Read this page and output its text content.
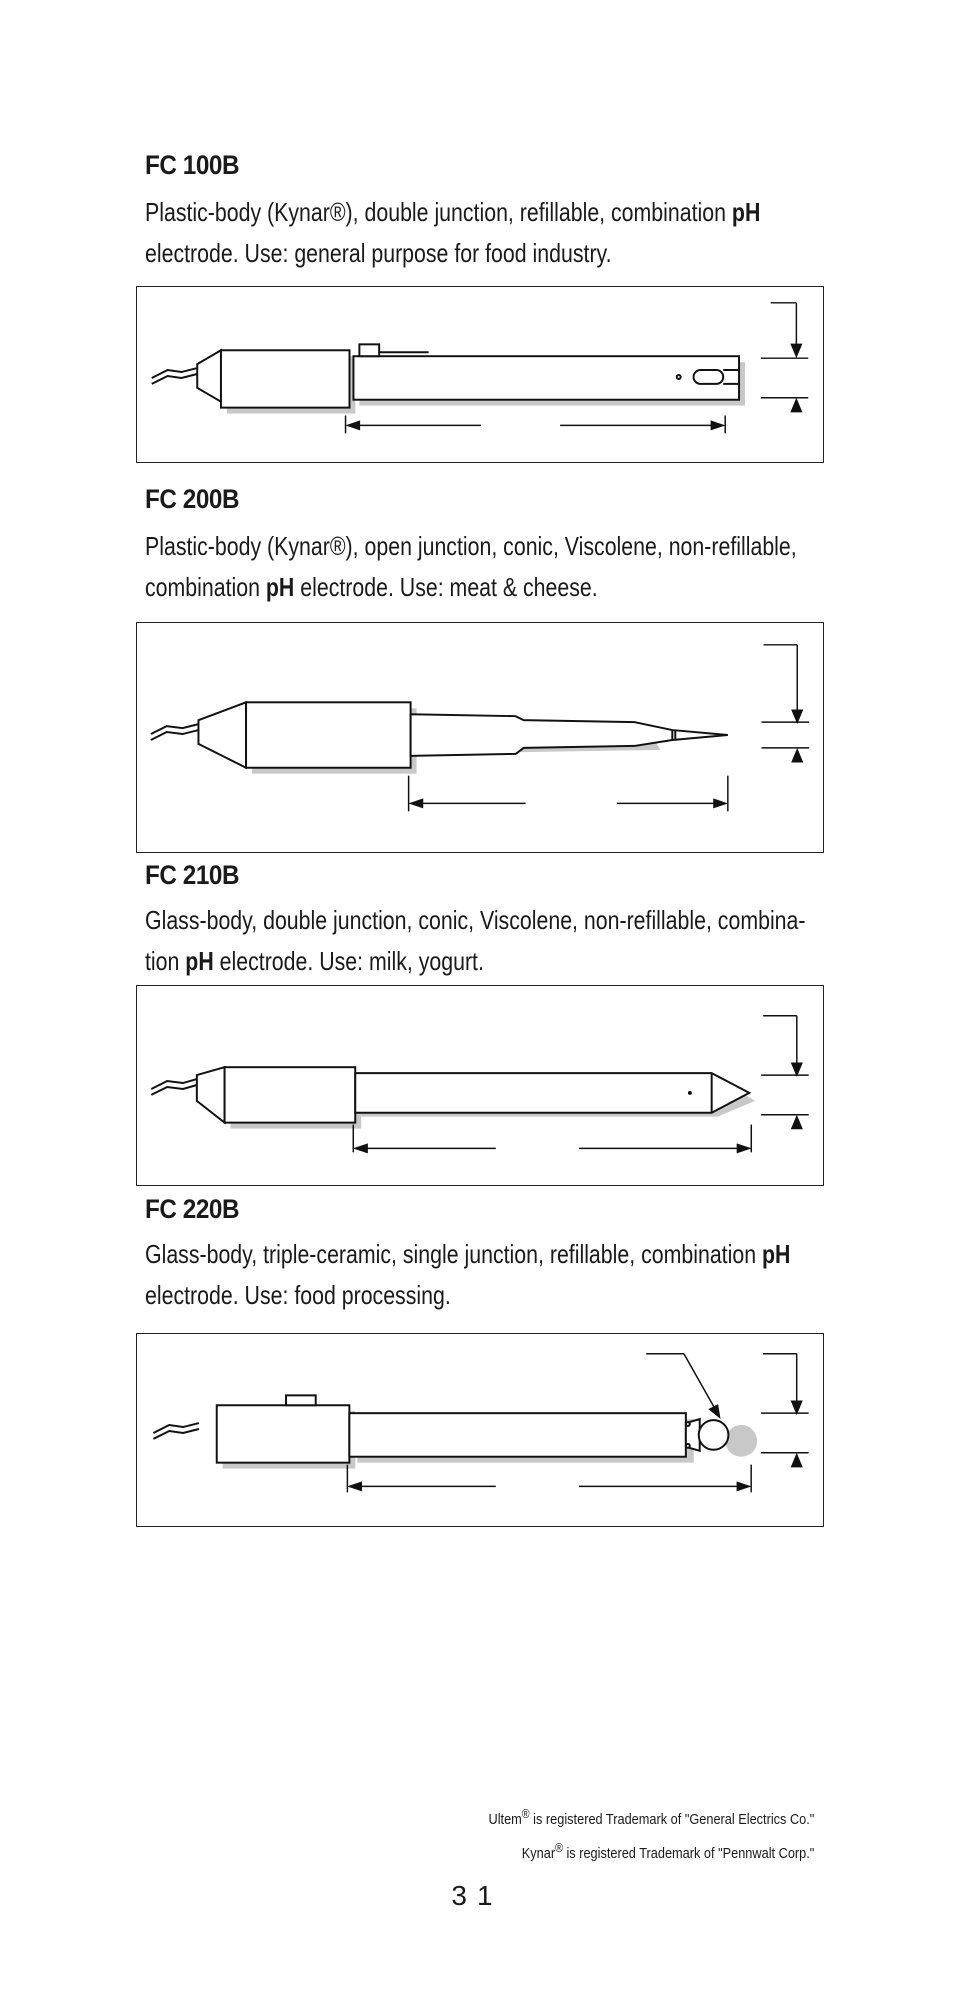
FC 100B

Plastic-body (Kynar®), double junction, refillable, combination pH
electrode. Use: general purpose for food industry.

FC 200B

Plastic-body (Kynar®), open junction, conic, Viscolene, non-refillable,
combination pH electrode. Use: meat & cheese.

FC 210B

Glass-body, double junction, conic, Viscolene, non-refillable, combina-
tion pH electrode. Use: milk, yogurt.

FC 220B

Glass-body, triple-ceramic, single junction, refillable, combination pH
electrode. Use: food processing.

Ultem® is registered Trademark of "General Electrics Co."
Kynar® is registered Trademark of "Pennwalt Corp."
31
